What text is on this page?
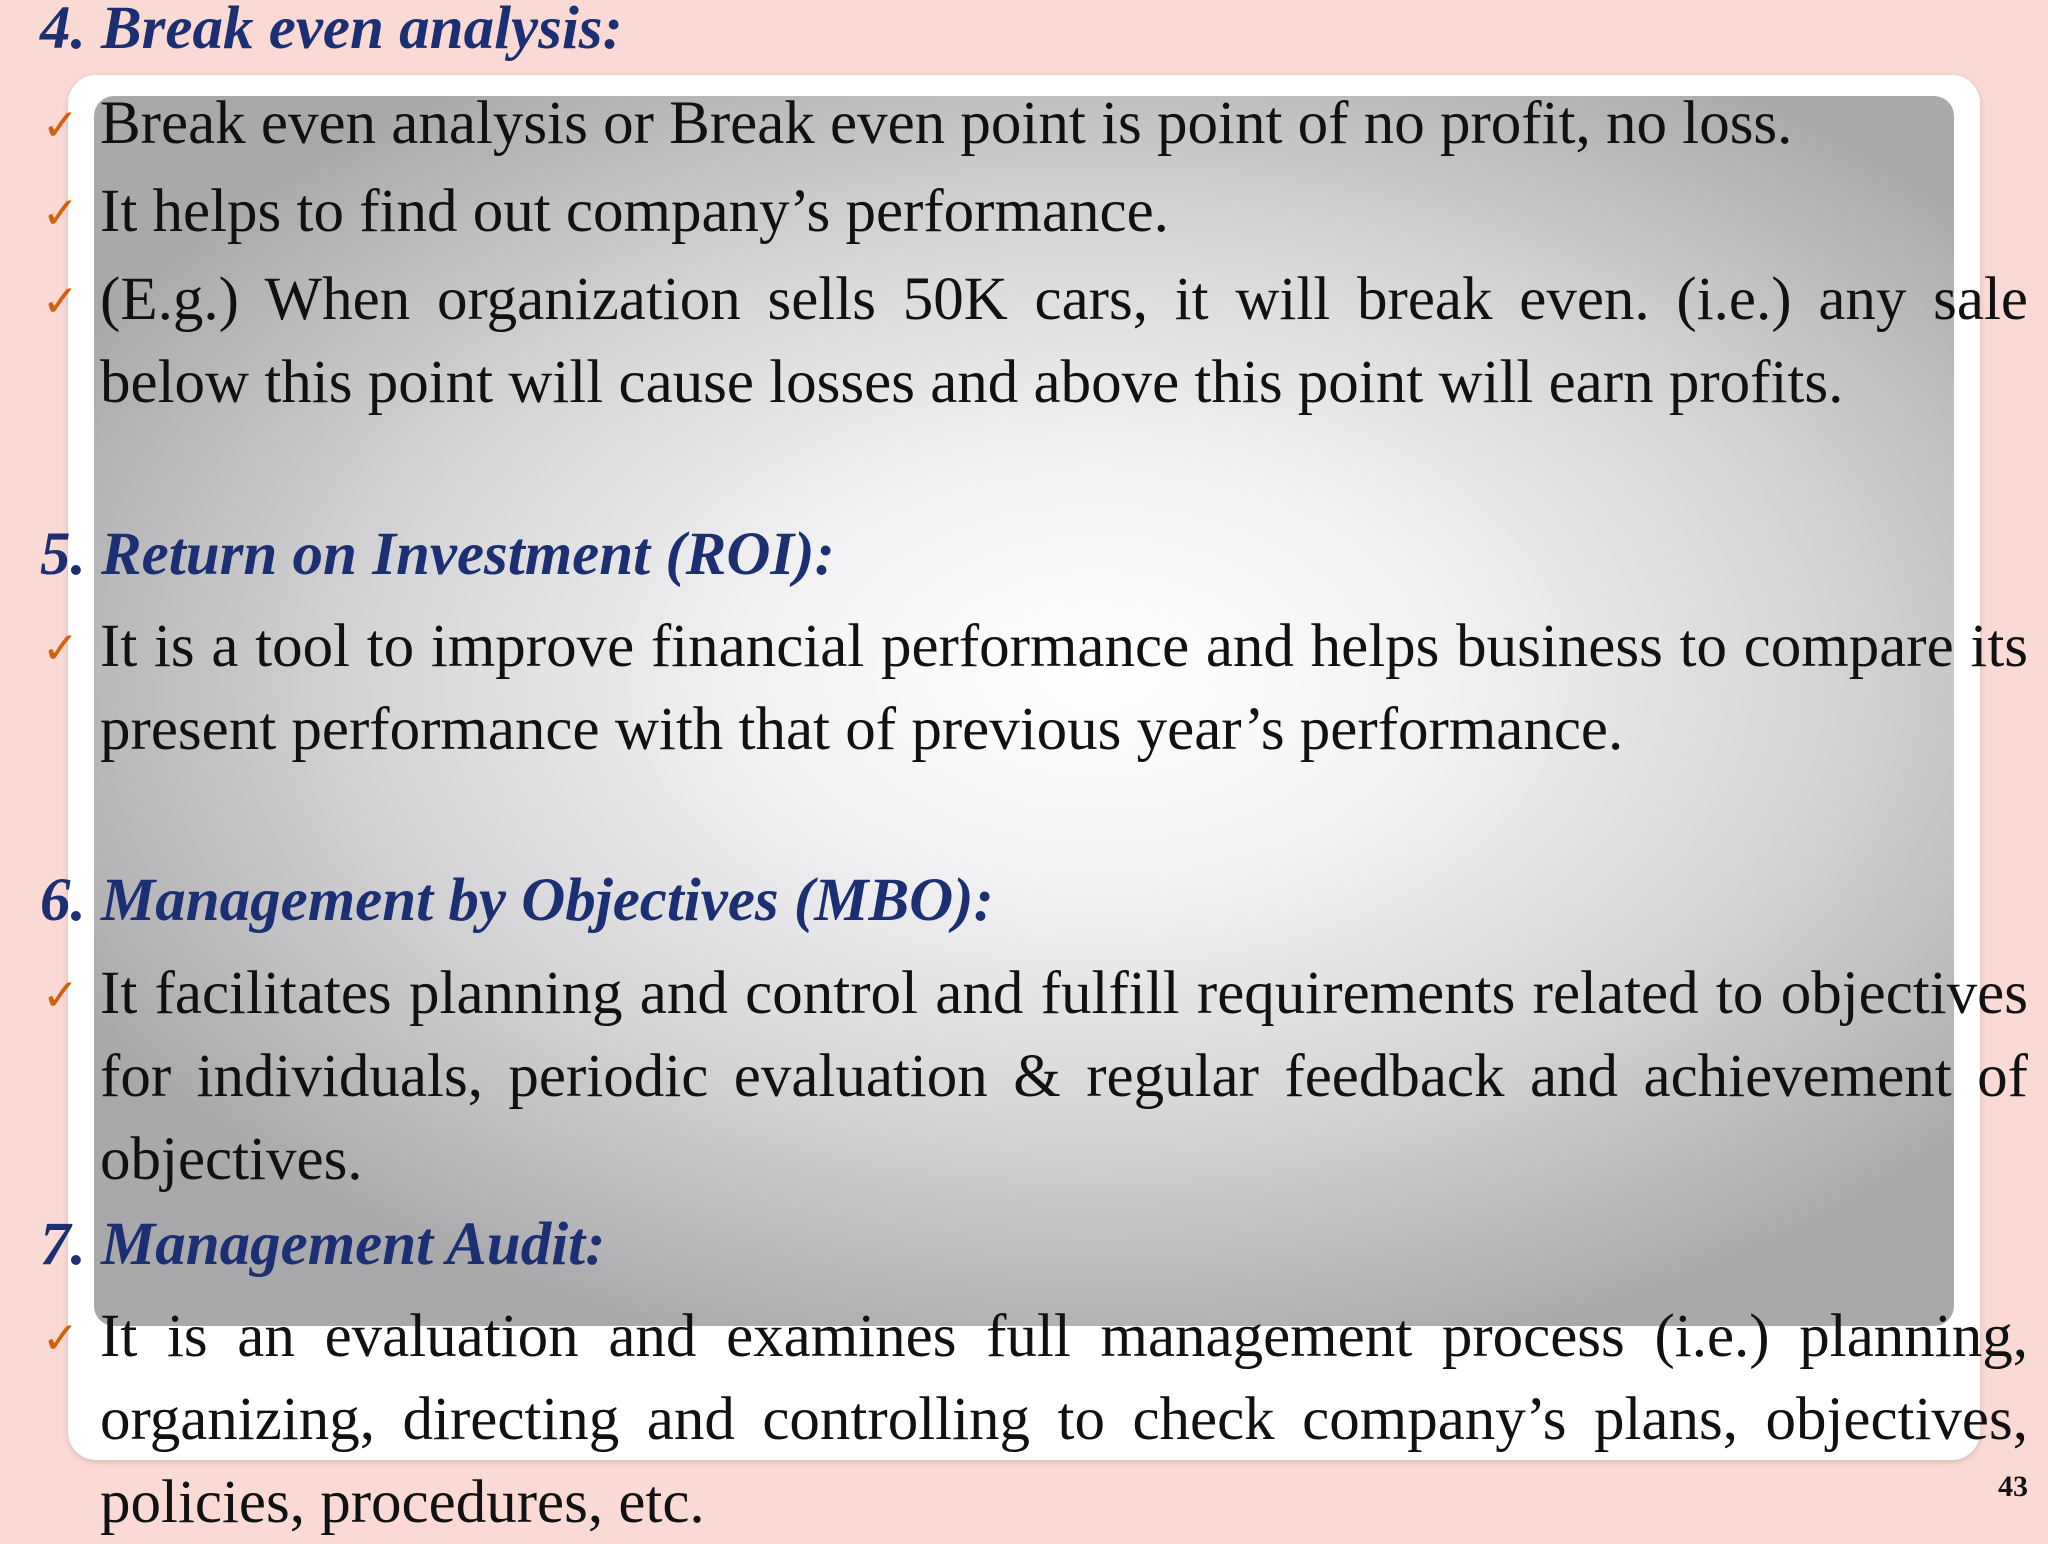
4. Break even analysis:

✓ Break even analysis or Break even point is point of no profit, no loss.

✓ It helps to find out company’s performance.

✓ (E.g.) When organization sells 50K cars, it will break even. (i.e.) any sale below this point will cause losses and above this point will earn profits.

5. Return on Investment (ROI):

✓ It is a tool to improve financial performance and helps business to compare its present performance with that of previous year’s performance.

6. Management by Objectives (MBO):

✓ It facilitates planning and control and fulfill requirements related to objectives for individuals, periodic evaluation & regular feedback and achievement of objectives.

7. Management Audit:

✓ It is an evaluation and examines full management process (i.e.) planning, organizing, directing and controlling to check company’s plans, objectives, policies, procedures, etc.	43
